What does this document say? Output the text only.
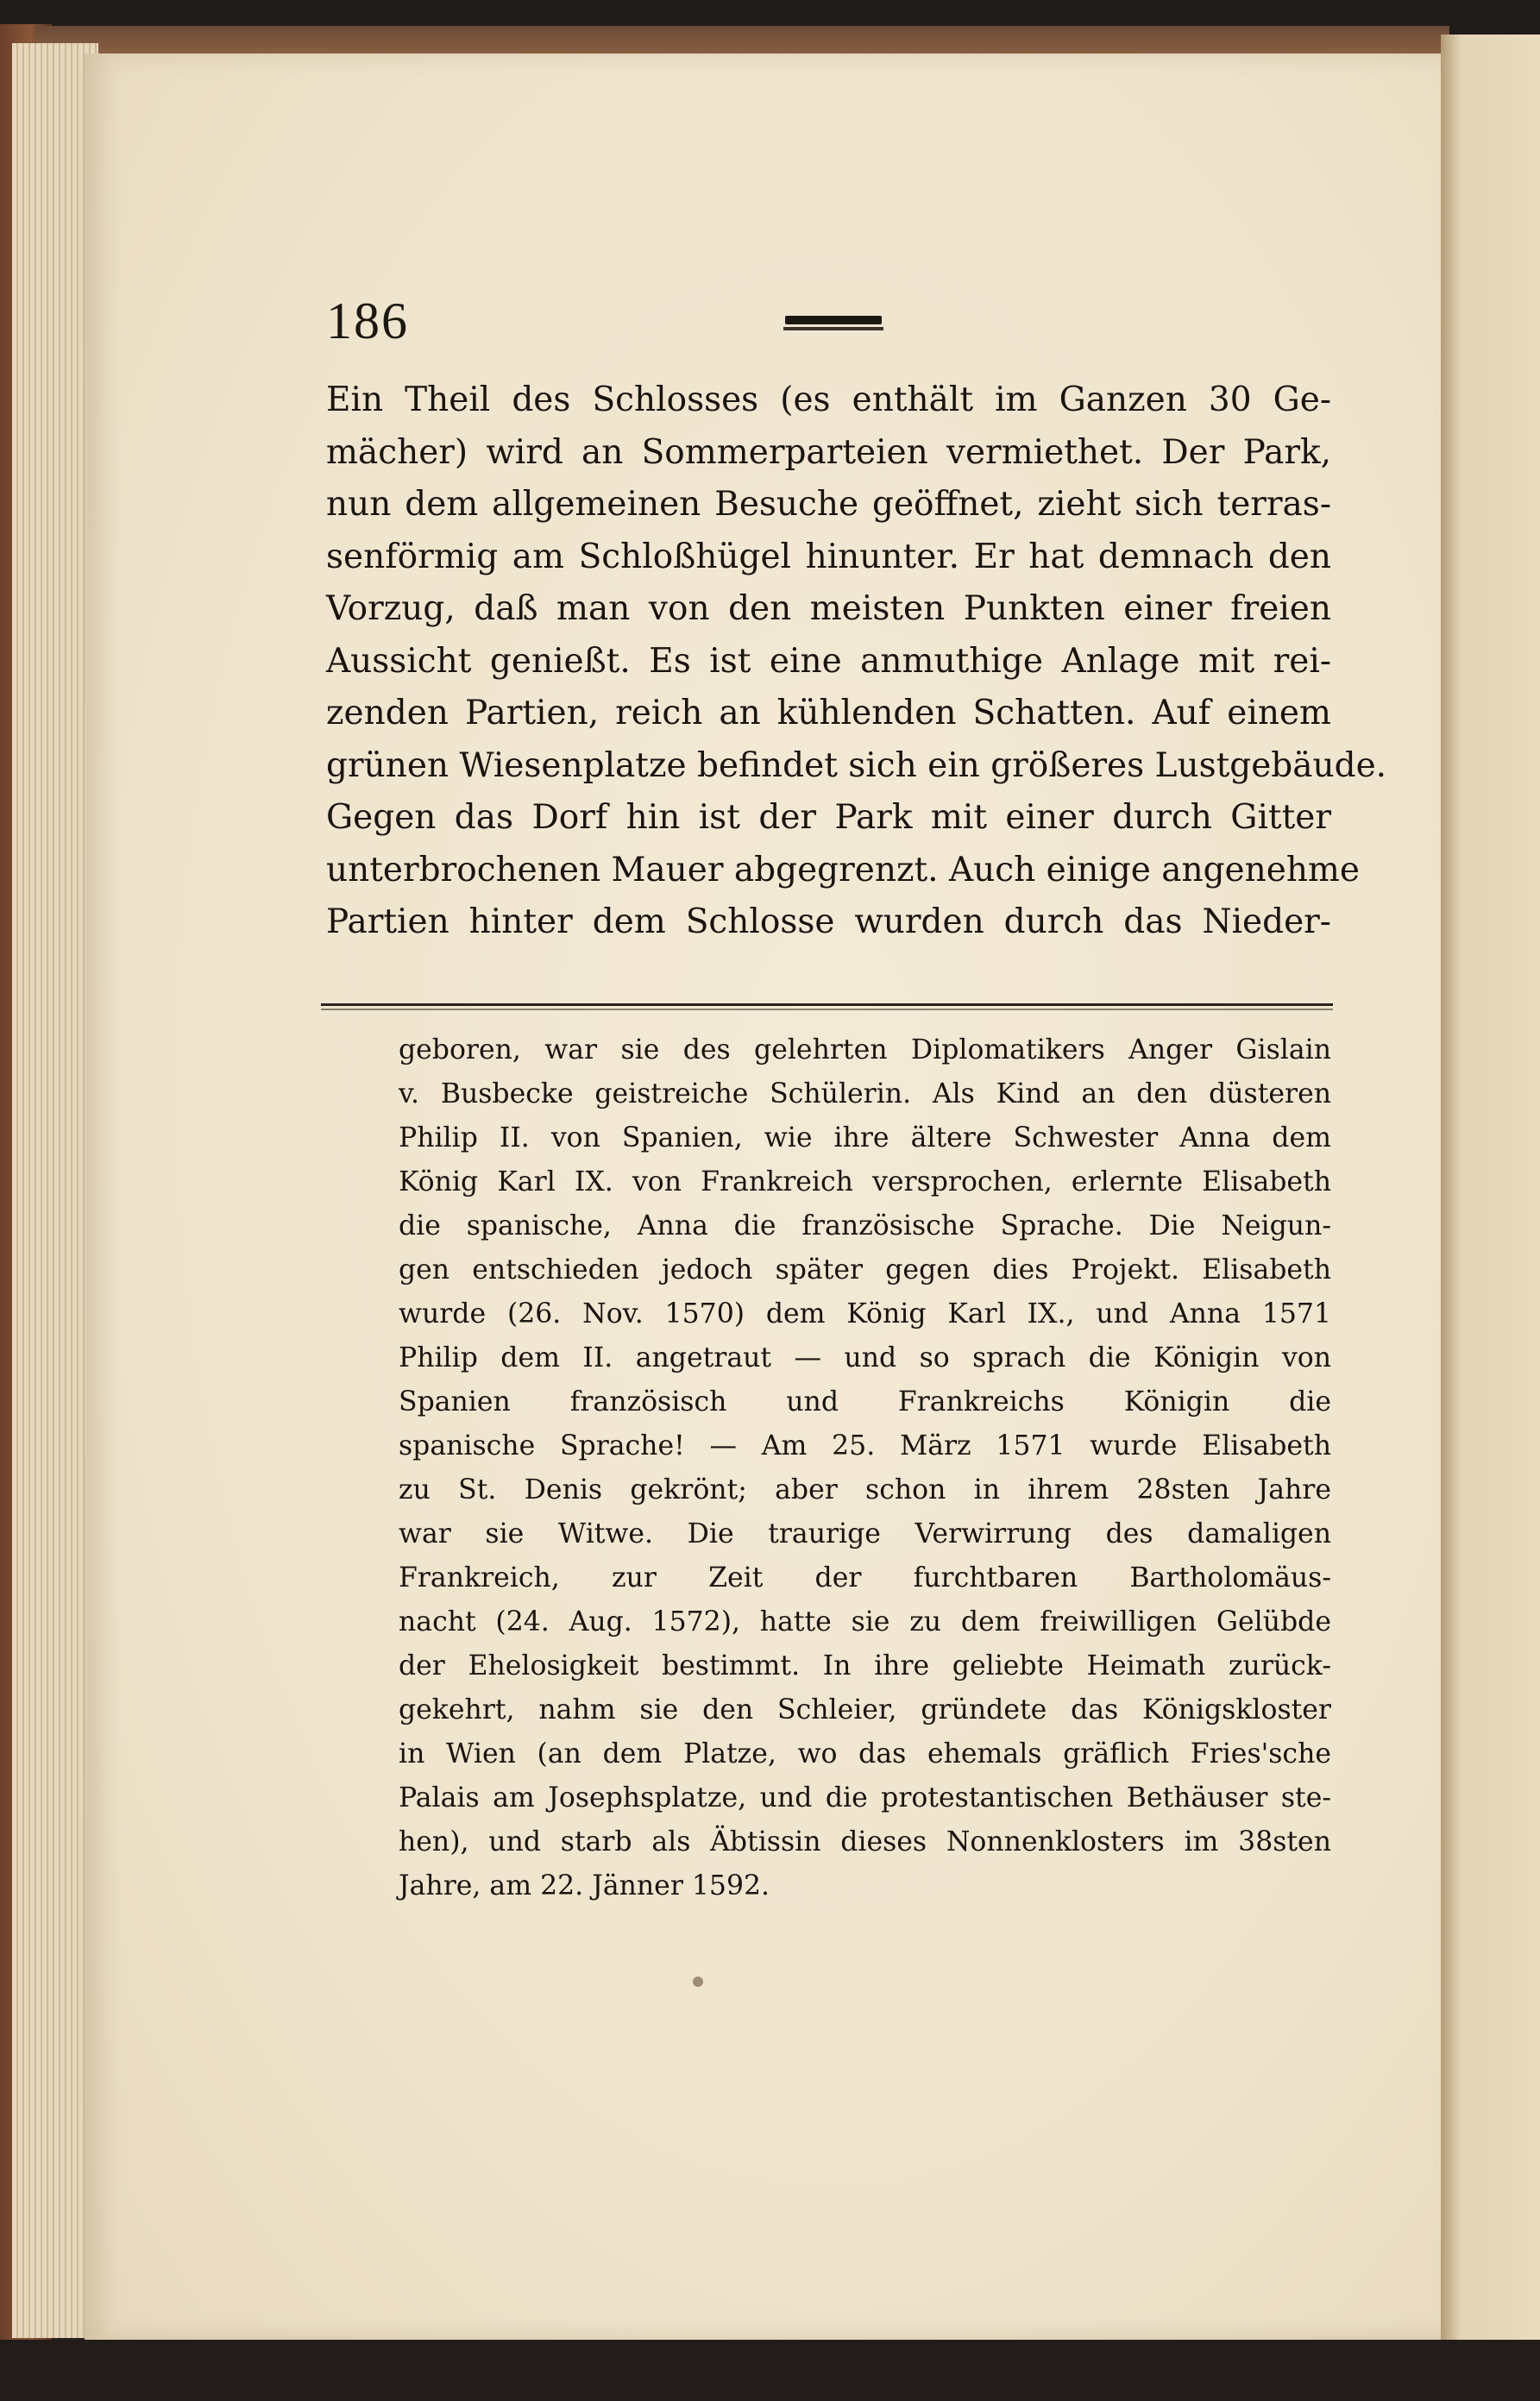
186
Ein Theil des Schlosses (es enthält im Ganzen 30 Ge-
mächer) wird an Sommerparteien vermiethet. Der Park,
nun dem allgemeinen Besuche geöffnet, zieht sich terras-
senförmig am Schloßhügel hinunter. Er hat demnach den
Vorzug, daß man von den meisten Punkten einer freien
Aussicht genießt. Es ist eine anmuthige Anlage mit rei-
zenden Partien, reich an kühlenden Schatten. Auf einem
grünen Wiesenplatze befindet sich ein größeres Lustgebäude.
Gegen das Dorf hin ist der Park mit einer durch Gitter
unterbrochenen Mauer abgegrenzt. Auch einige angenehme
Partien hinter dem Schlosse wurden durch das Nieder-
geboren, war sie des gelehrten Diplomatikers Anger Gislain
v. Busbecke geistreiche Schülerin. Als Kind an den düsteren
Philip II. von Spanien, wie ihre ältere Schwester Anna dem
König Karl IX. von Frankreich versprochen, erlernte Elisabeth
die spanische, Anna die französische Sprache. Die Neigun-
gen entschieden jedoch später gegen dies Projekt. Elisabeth
wurde (26. Nov. 1570) dem König Karl IX., und Anna 1571
Philip dem II. angetraut — und so sprach die Königin von
Spanien französisch und Frankreichs Königin die
spanische Sprache! — Am 25. März 1571 wurde Elisabeth
zu St. Denis gekrönt; aber schon in ihrem 28sten Jahre
war sie Witwe. Die traurige Verwirrung des damaligen
Frankreich, zur Zeit der furchtbaren Bartholomäus-
nacht (24. Aug. 1572), hatte sie zu dem freiwilligen Gelübde
der Ehelosigkeit bestimmt. In ihre geliebte Heimath zurück-
gekehrt, nahm sie den Schleier, gründete das Königskloster
in Wien (an dem Platze, wo das ehemals gräflich Fries'sche
Palais am Josephsplatze, und die protestantischen Bethäuser ste-
hen), und starb als Äbtissin dieses Nonnenklosters im 38sten
Jahre, am 22. Jänner 1592.
